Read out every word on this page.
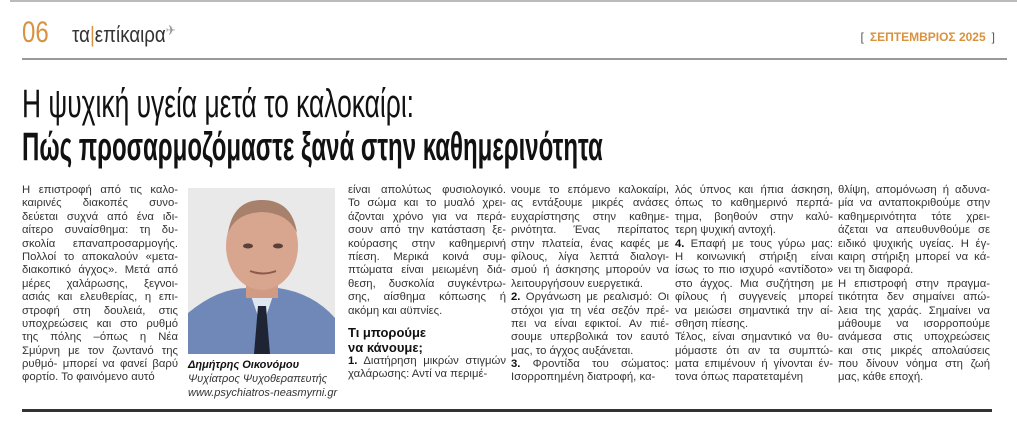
06 τα|επίκαιρα✈	[ ΣΕΠΤΕΜΒΡΙΟΣ 2025 ]
Η ψυχική υγεία μετά το καλοκαίρι:
Πώς προσαρμοζόμαστε ξανά στην καθημερινότητα
Η επιστροφή από τις καλο-
καιρινές διακοπές συνο-
δεύεται συχνά από ένα ιδι-
αίτερο συναίσθημα: τη δυ-
σκολία επαναπροσαρμογής.
Πολλοί το αποκαλούν «μετα-
διακοπικό άγχος». Μετά από
μέρες χαλάρωσης, ξεγνοι-
ασιάς και ελευθερίας, η επι-
στροφή στη δουλειά, στις
υποχρεώσεις και στο ρυθμό
της πόλης –όπως η Νέα
Σμύρνη με τον ζωντανό της
ρυθμό- μπορεί να φανεί βαρύ
φορτίο. Το φαινόμενο αυτό
Δημήτρης Οικονόμου
Ψυχίατρος Ψυχοθεραπευτής
www.psychiatros-neasmyrni.gr
είναι απολύτως φυσιολογικό.
Το σώμα και το μυαλό χρει-
άζονται χρόνο για να περά-
σουν από την κατάσταση ξε-
κούρασης στην καθημερινή
πίεση. Μερικά κοινά συμ-
πτώματα είναι μειωμένη διά-
θεση, δυσκολία συγκέντρω-
σης, αίσθημα κόπωσης ή
ακόμη και αϋπνίες.
Τι μπορούμε
να κάνουμε;
1. Διατήρηση μικρών στιγμών
χαλάρωσης: Αντί να περιμέ-
νουμε το επόμενο καλοκαίρι,
ας εντάξουμε μικρές ανάσες
ευχαρίστησης στην καθημε-
ρινότητα. Ένας περίπατος
στην πλατεία, ένας καφές με
φίλους, λίγα λεπτά διαλογι-
σμού ή άσκησης μπορούν να
λειτουργήσουν ευεργετικά.
2. Οργάνωση με ρεαλισμό: Οι
στόχοι για τη νέα σεζόν πρέ-
πει να είναι εφικτοί. Αν πιέ-
σουμε υπερβολικά τον εαυτό
μας, το άγχος αυξάνεται.
3. Φροντίδα του σώματος:
Ισορροπημένη διατροφή, κα-
λός ύπνος και ήπια άσκηση,
όπως το καθημερινό περπά-
τημα, βοηθούν στην καλύ-
τερη ψυχική αντοχή.
4. Επαφή με τους γύρω μας:
Η κοινωνική στήριξη είναι
ίσως το πιο ισχυρό «αντίδοτο»
στο άγχος. Μια συζήτηση με
φίλους ή συγγενείς μπορεί
να μειώσει σημαντικά την αί-
σθηση πίεσης.
Τέλος, είναι σημαντικό να θυ-
μόμαστε ότι αν τα συμπτώ-
ματα επιμένουν ή γίνονται έν-
τονα όπως παρατεταμένη
θλίψη, απομόνωση ή αδυνα-
μία να ανταποκριθούμε στην
καθημερινότητα τότε χρει-
άζεται να απευθυνθούμε σε
ειδικό ψυχικής υγείας. Η έγ-
καιρη στήριξη μπορεί να κά-
νει τη διαφορά.
Η επιστροφή στην πραγμα-
τικότητα δεν σημαίνει απώ-
λεια της χαράς. Σημαίνει να
μάθουμε να ισορροπούμε
ανάμεσα στις υποχρεώσεις
και στις μικρές απολαύσεις
που δίνουν νόημα στη ζωή
μας, κάθε εποχή.
